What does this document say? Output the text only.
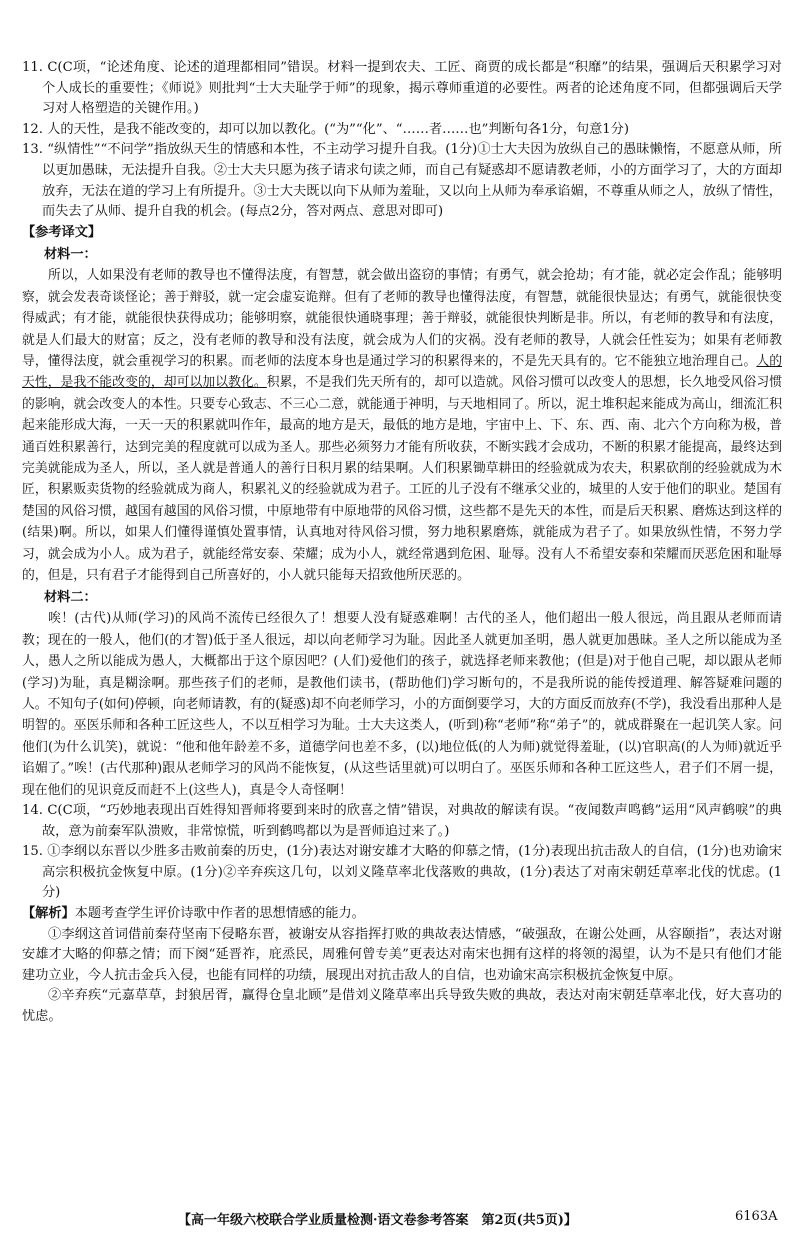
11. C(C项，“论述角度、论述的道理都相同”错误。材料一提到农夫、工匠、商贾的成长都是“积靡”的结果，强调后天积累学习对个人成长的重要性；《师说》则批判“士大夫耻学于师”的现象，揭示尊师重道的必要性。两者的论述角度不同，但都强调后天学习对人格塑造的关键作用。)

12. 人的天性，是我不能改变的，却可以加以教化。(“为”“化”、“……者……也”判断句各1分，句意1分)

13. “纵情性”“不问学”指放纵天生的情感和本性，不主动学习提升自我。(1分)①士大夫因为放纵自己的愚昧懒惰，不愿意从师，所以更加愚昧，无法提升自我。②士大夫只愿为孩子请求句读之师，而自己有疑惑却不愿请教老师，小的方面学习了，大的方面却放弃，无法在道的学习上有所提升。③士大夫既以向下从师为羞耻，又以向上从师为奉承谄媚，不尊重从师之人，放纵了情性，而失去了从师、提升自我的机会。(每点2分，答对两点、意思对即可)

【参考译文】

材料一：

所以，人如果没有老师的教导也不懂得法度，有智慧，就会做出盗窃的事情；有勇气，就会抢劫；有才能，就必定会作乱；能够明察，就会发表奇谈怪论；善于辩驳，就一定会虚妄诡辩。但有了老师的教导也懂得法度，有智慧，就能很快显达；有勇气，就能很快变得威武；有才能，就能很快获得成功；能够明察，就能很快通晓事理；善于辩驳，就能很快判断是非。所以，有老师的教导和有法度，就是人们最大的财富；反之，没有老师的教导和没有法度，就会成为人们的灾祸。没有老师的教导，人就会任性妄为；如果有老师教导，懂得法度，就会重视学习的积累。而老师的法度本身也是通过学习的积累得来的，不是先天具有的。它不能独立地治理自己。人的天性，是我不能改变的，却可以加以教化。积累，不是我们先天所有的，却可以造就。风俗习惯可以改变人的思想，长久地受风俗习惯的影响，就会改变人的本性。只要专心致志、不三心二意，就能通于神明，与天地相同了。所以，泥土堆积起来能成为高山，细流汇积起来能形成大海，一天一天的积累就叫作年，最高的地方是天，最低的地方是地，宇宙中上、下、东、西、南、北六个方向称为极，普通百姓积累善行，达到完美的程度就可以成为圣人。那些必须努力才能有所收获，不断实践才会成功，不断的积累才能提高，最终达到完美就能成为圣人，所以，圣人就是普通人的善行日积月累的结果啊。人们积累锄草耕田的经验就成为农夫，积累砍削的经验就成为木匠，积累贩卖货物的经验就成为商人，积累礼义的经验就成为君子。工匠的儿子没有不继承父业的，城里的人安于他们的职业。楚国有楚国的风俗习惯，越国有越国的风俗习惯，中原地带有中原地带的风俗习惯，这些都不是先天的本性，而是后天积累、磨炼达到这样的(结果)啊。所以，如果人们懂得谨慎处置事情，认真地对待风俗习惯，努力地积累磨炼，就能成为君子了。如果放纵性情，不努力学习，就会成为小人。成为君子，就能经常安泰、荣耀；成为小人，就经常遇到危困、耻辱。没有人不希望安泰和荣耀而厌恶危困和耻辱的，但是，只有君子才能得到自己所喜好的，小人就只能每天招致他所厌恶的。

材料二：

唉！(古代)从师(学习)的风尚不流传已经很久了！想要人没有疑惑难啊！古代的圣人，他们超出一般人很远，尚且跟从老师而请教；现在的一般人，他们(的才智)低于圣人很远，却以向老师学习为耻。因此圣人就更加圣明，愚人就更加愚昧。圣人之所以能成为圣人，愚人之所以能成为愚人，大概都出于这个原因吧？(人们)爱他们的孩子，就选择老师来教他；(但是)对于他自己呢，却以跟从老师(学习)为耻，真是糊涂啊。那些孩子们的老师，是教他们读书，(帮助他们)学习断句的，不是我所说的能传授道理、解答疑难问题的人。不知句子(如何)停顿，向老师请教，有的(疑惑)却不向老师学习，小的方面倒要学习，大的方面反而放弃(不学)，我没看出那种人是明智的。巫医乐师和各种工匠这些人，不以互相学习为耻。士大夫这类人，(听到)称“老师”称“弟子”的，就成群聚在一起讥笑人家。问他们(为什么讥笑)，就说：“他和他年龄差不多，道德学问也差不多，(以)地位低(的人为师)就觉得羞耻，(以)官职高(的人为师)就近乎谄媚了。”唉！(古代那种)跟从老师学习的风尚不能恢复，(从这些话里就)可以明白了。巫医乐师和各种工匠这些人，君子们不屑一提，现在他们的见识竟反而赶不上(这些人)，真是令人奇怪啊！

14. C(C项，“巧妙地表现出百姓得知晋师将要到来时的欣喜之情”错误，对典故的解读有误。“夜闻数声鸣鹤”运用“风声鹤唳”的典故，意为前秦军队溃败，非常惊慌，听到鹤鸣都以为是晋师追过来了。)

15. ①李纲以东晋以少胜多击败前秦的历史，(1分)表达对谢安雄才大略的仰慕之情，(1分)表现出抗击敌人的自信，(1分)也劝谕宋高宗积极抗金恢复中原。(1分)②辛弃疾这几句，以刘义隆草率北伐落败的典故，(1分)表达了对南宋朝廷草率北伐的忧虑。(1分)

【解析】本题考查学生评价诗歌中作者的思想情感的能力。

①李纲这首词借前秦苻坚南下侵略东晋，被谢安从容指挥打败的典故表达情感，“破强敌，在谢公处画，从容颐指”，表达对谢安雄才大略的仰慕之情；而下阕“延晋祚，庇烝民，周雅何曾专美”更表达对南宋也拥有这样的将领的渴望，认为不是只有他们才能建功立业，今人抗击金兵入侵，也能有同样的功绩，展现出对抗击敌人的自信，也劝谕宋高宗积极抗金恢复中原。

②辛弃疾“元嘉草草，封狼居胥，赢得仓皇北顾”是借刘义隆草率出兵导致失败的典故，表达对南宋朝廷草率北伐，好大喜功的忧虑。

【高一年级六校联合学业质量检测·语文卷参考答案　第2页(共5页)】	6163A
